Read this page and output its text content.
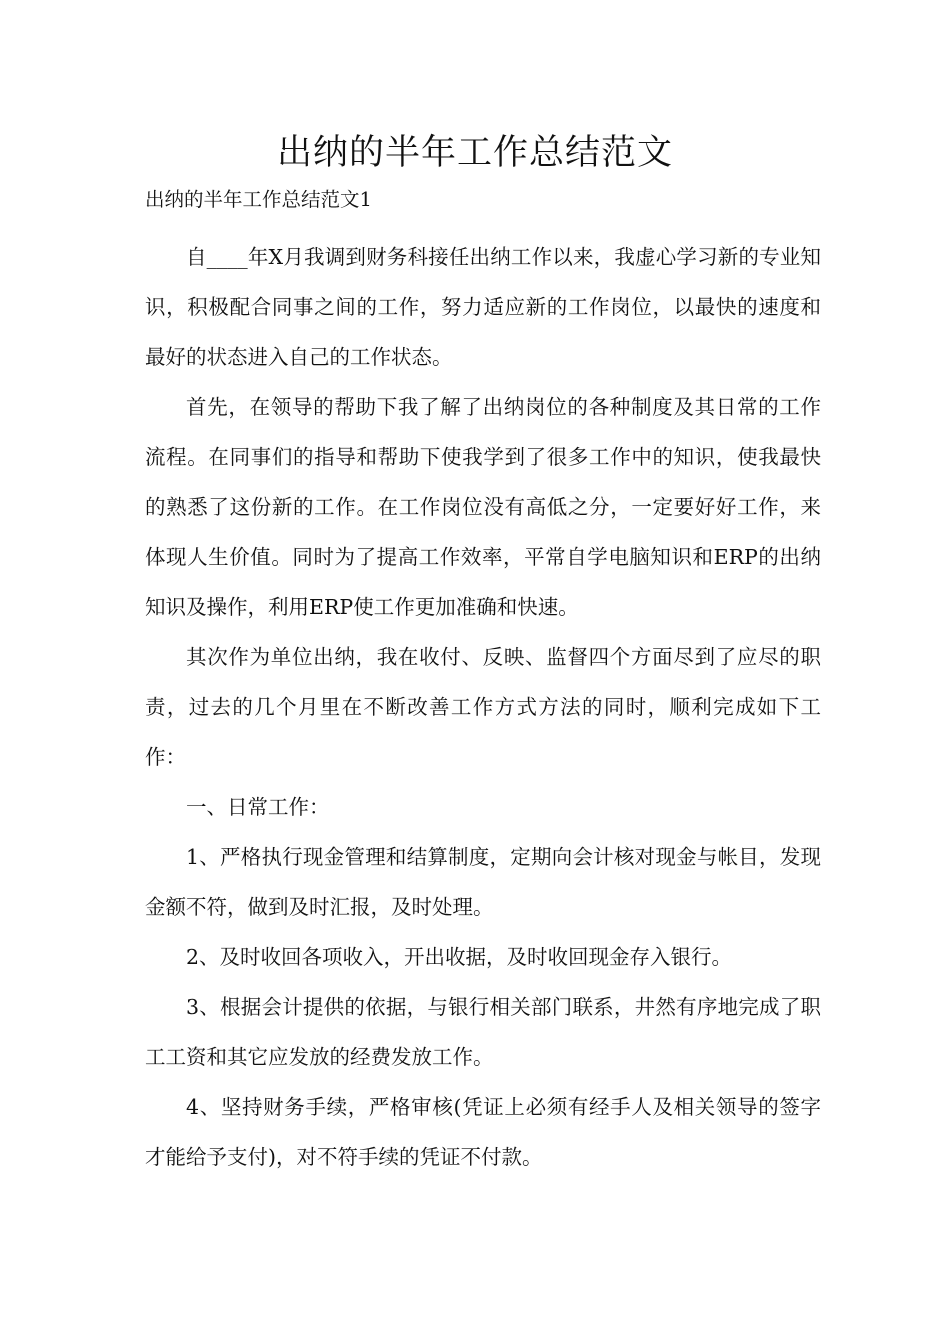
出纳的半年工作总结范文
出纳的半年工作总结范文1

自____年X月我调到财务科接任出纳工作以来，我虚心学习新的专业知识，积极配合同事之间的工作，努力适应新的工作岗位，以最快的速度和最好的状态进入自己的工作状态。

首先，在领导的帮助下我了解了出纳岗位的各种制度及其日常的工作流程。在同事们的指导和帮助下使我学到了很多工作中的知识，使我最快的熟悉了这份新的工作。在工作岗位没有高低之分，一定要好好工作，来体现人生价值。同时为了提高工作效率，平常自学电脑知识和ERP的出纳知识及操作，利用ERP使工作更加准确和快速。

其次作为单位出纳，我在收付、反映、监督四个方面尽到了应尽的职责，过去的几个月里在不断改善工作方式方法的同时，顺利完成如下工作：

一、日常工作：

1、严格执行现金管理和结算制度，定期向会计核对现金与帐目，发现金额不符，做到及时汇报，及时处理。

2、及时收回各项收入，开出收据，及时收回现金存入银行。

3、根据会计提供的依据，与银行相关部门联系，井然有序地完成了职工工资和其它应发放的经费发放工作。

4、坚持财务手续，严格审核(凭证上必须有经手人及相关领导的签字才能给予支付)，对不符手续的凭证不付款。
